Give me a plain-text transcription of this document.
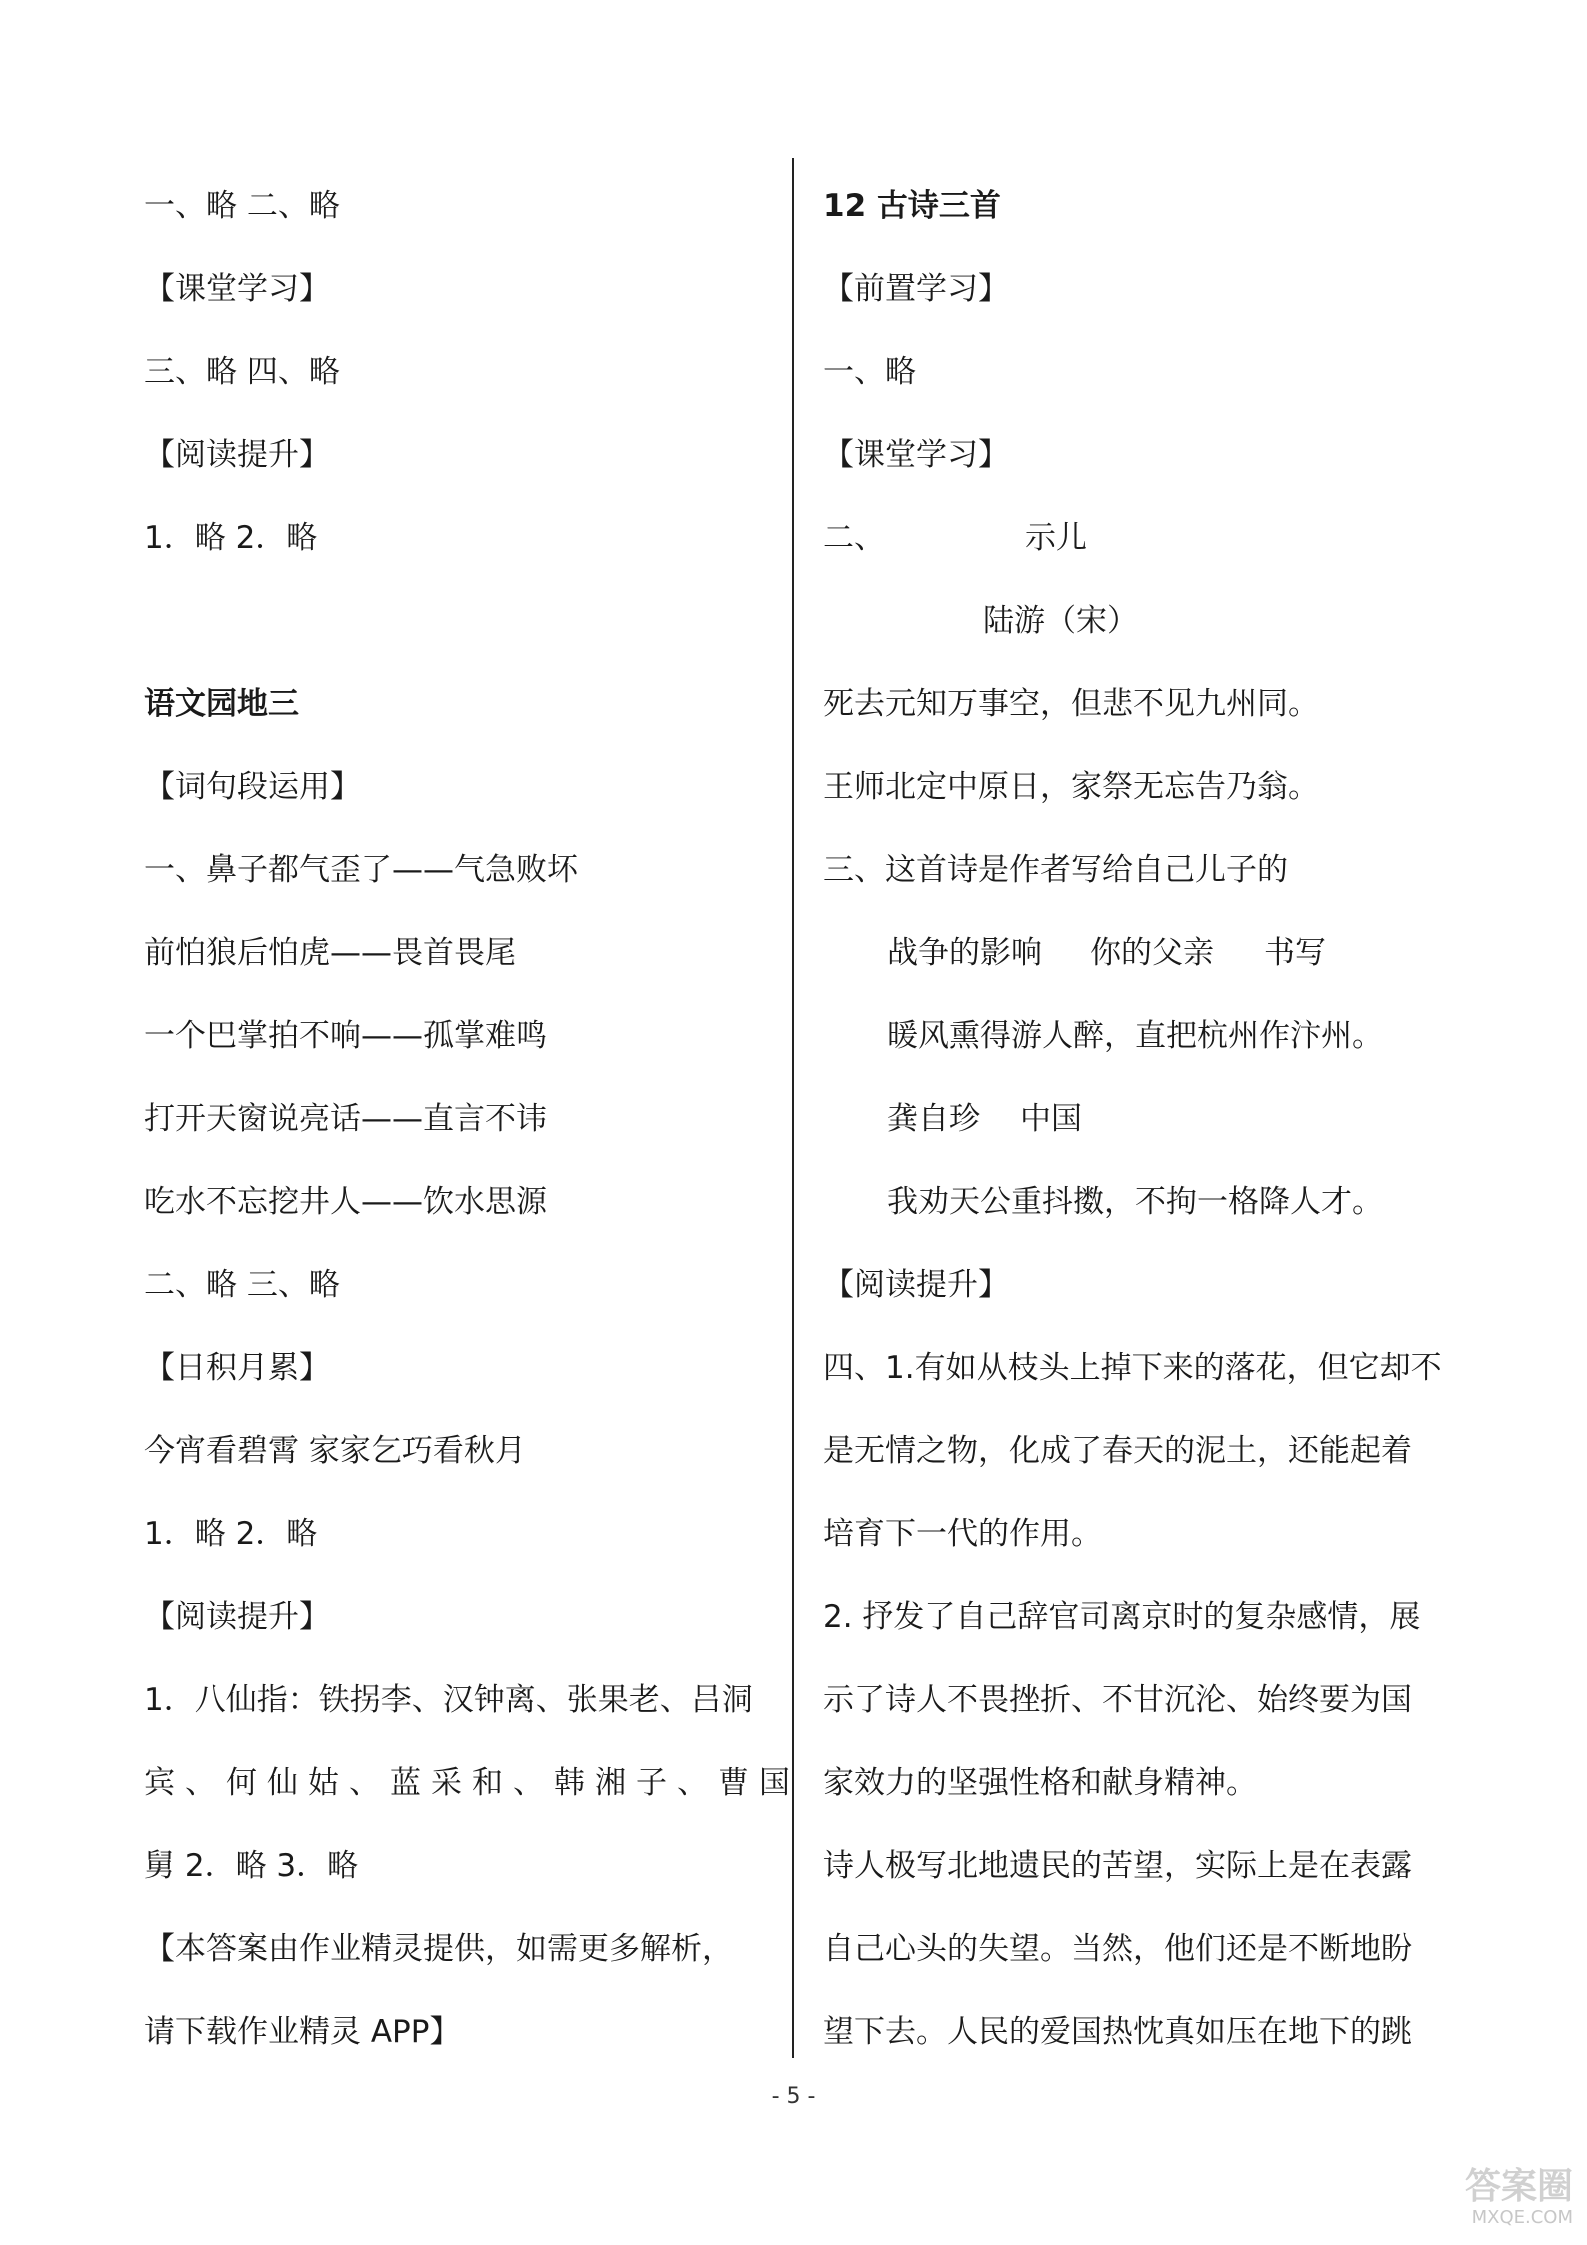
一、略 二、略
【课堂学习】
三、略 四、略
【阅读提升】
1．略 2．略
语文园地三
【词句段运用】
一、鼻子都气歪了——气急败坏
前怕狼后怕虎——畏首畏尾
一个巴掌拍不响——孤掌难鸣
打开天窗说亮话——直言不讳
吃水不忘挖井人——饮水思源
二、略 三、略
【日积月累】
今宵看碧霄 家家乞巧看秋月
1．略 2．略
【阅读提升】
1．八仙指：铁拐李、汉钟离、张果老、吕洞
宾、何仙姑、蓝采和、韩湘子、曹国
舅 2．略 3．略
【本答案由作业精灵提供，如需更多解析，
请下载作业精灵 APP】
12 古诗三首
【前置学习】
一、略
【课堂学习】
二、	示儿
陆游（宋）
死去元知万事空，但悲不见九州同。
王师北定中原日，家祭无忘告乃翁。
三、这首诗是作者写给自己儿子的
战争的影响 你的父亲 书写
暖风熏得游人醉，直把杭州作汴州。
龚自珍 中国
我劝天公重抖擞，不拘一格降人才。
【阅读提升】
四、1.有如从枝头上掉下来的落花，但它却不
是无情之物，化成了春天的泥土，还能起着
培育下一代的作用。
2. 抒发了自己辞官司离京时的复杂感情，展
示了诗人不畏挫折、不甘沉沦、始终要为国
家效力的坚强性格和献身精神。
诗人极写北地遗民的苦望，实际上是在表露
自己心头的失望。当然，他们还是不断地盼
望下去。人民的爱国热忱真如压在地下的跳
- 5 -
答案圈
MXQE.COM
